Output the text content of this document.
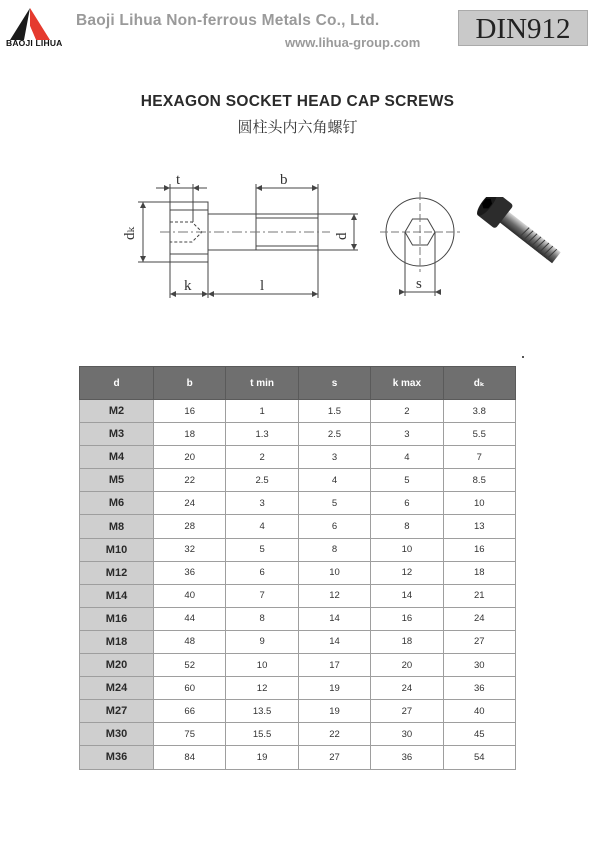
BAOJI LIHUA
Baoji Lihua Non-ferrous Metals Co., Ltd.
www.lihua-group.com	DIN912
HEXAGON SOCKET HEAD CAP SCREWS
圆柱头内六角螺钉
t	b
dₖ	d
k	l	s
d	b	t min	s	k max	dₖ
M2	16	1	1.5	2	3.8
M3	18	1.3	2.5	3	5.5
M4	20	2	3	4	7
M5	22	2.5	4	5	8.5
M6	24	3	5	6	10
M8	28	4	6	8	13
M10	32	5	8	10	16
M12	36	6	10	12	18
M14	40	7	12	14	21
M16	44	8	14	16	24
M18	48	9	14	18	27
M20	52	10	17	20	30
M24	60	12	19	24	36
M27	66	13.5	19	27	40
M30	75	15.5	22	30	45
M36	84	19	27	36	54
